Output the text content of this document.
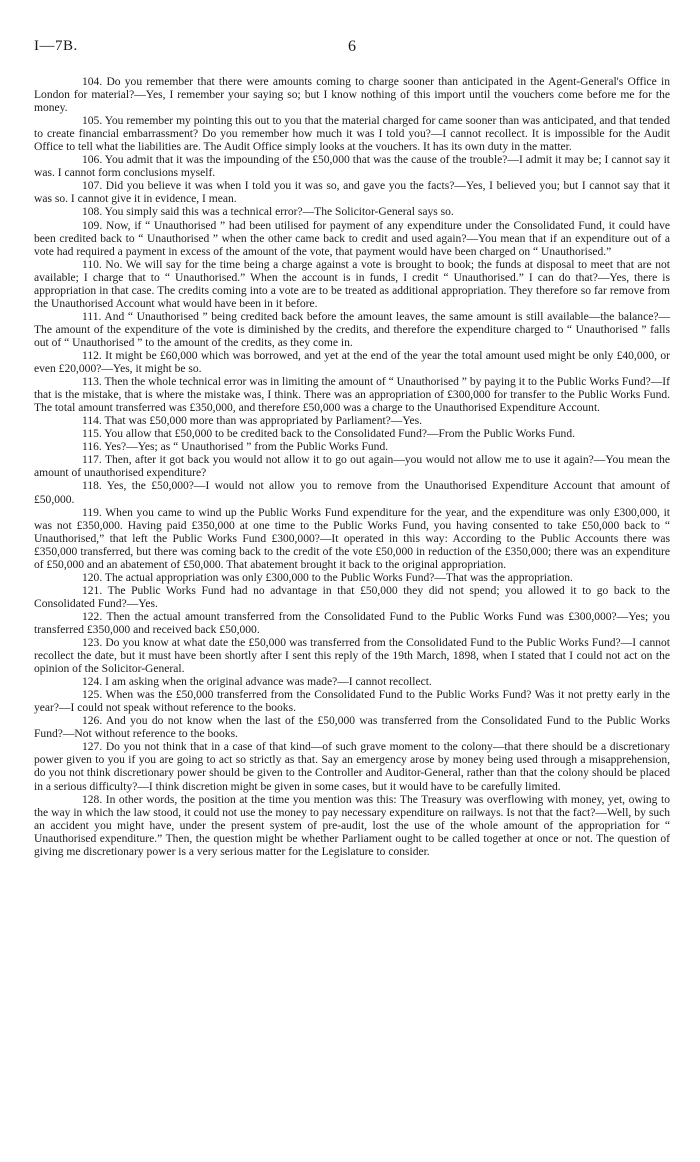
I—7B.	6

104. Do you remember that there were amounts coming to charge sooner than anticipated in the Agent-General's Office in London for material?—Yes, I remember your saying so; but I know nothing of this import until the vouchers come before me for the money.

105. You remember my pointing this out to you that the material charged for came sooner than was anticipated, and that tended to create financial embarrassment? Do you remember how much it was I told you?—I cannot recollect. It is impossible for the Audit Office to tell what the liabilities are. The Audit Office simply looks at the vouchers. It has its own duty in the matter.

106. You admit that it was the impounding of the £50,000 that was the cause of the trouble?—I admit it may be; I cannot say it was. I cannot form conclusions myself.

107. Did you believe it was when I told you it was so, and gave you the facts?—Yes, I believed you; but I cannot say that it was so. I cannot give it in evidence, I mean.

108. You simply said this was a technical error?—The Solicitor-General says so.

109. Now, if “ Unauthorised ” had been utilised for payment of any expenditure under the Consolidated Fund, it could have been credited back to “ Unauthorised ” when the other came back to credit and used again?—You mean that if an expenditure out of a vote had required a payment in excess of the amount of the vote, that payment would have been charged on “ Unauthorised.”

110. No. We will say for the time being a charge against a vote is brought to book; the funds at disposal to meet that are not available; I charge that to “ Unauthorised.” When the account is in funds, I credit “ Unauthorised.” I can do that?—Yes, there is appropriation in that case. The credits coming into a vote are to be treated as additional appropriation. They therefore so far remove from the Unauthorised Account what would have been in it before.

111. And “ Unauthorised ” being credited back before the amount leaves, the same amount is still available—the balance?—The amount of the expenditure of the vote is diminished by the credits, and therefore the expenditure charged to “ Unauthorised ” falls out of “ Unauthorised ” to the amount of the credits, as they come in.

112. It might be £60,000 which was borrowed, and yet at the end of the year the total amount used might be only £40,000, or even £20,000?—Yes, it might be so.

113. Then the whole technical error was in limiting the amount of “ Unauthorised ” by paying it to the Public Works Fund?—If that is the mistake, that is where the mistake was, I think. There was an appropriation of £300,000 for transfer to the Public Works Fund. The total amount transferred was £350,000, and therefore £50,000 was a charge to the Unauthorised Expenditure Account.

114. That was £50,000 more than was appropriated by Parliament?—Yes.

115. You allow that £50,000 to be credited back to the Consolidated Fund?—From the Public Works Fund.

116. Yes?—Yes; as “ Unauthorised ” from the Public Works Fund.

117. Then, after it got back you would not allow it to go out again—you would not allow me to use it again?—You mean the amount of unauthorised expenditure?

118. Yes, the £50,000?—I would not allow you to remove from the Unauthorised Expenditure Account that amount of £50,000.

119. When you came to wind up the Public Works Fund expenditure for the year, and the expenditure was only £300,000, it was not £350,000. Having paid £350,000 at one time to the Public Works Fund, you having consented to take £50,000 back to “ Unauthorised,” that left the Public Works Fund £300,000?—It operated in this way: According to the Public Accounts there was £350,000 transferred, but there was coming back to the credit of the vote £50,000 in reduction of the £350,000; there was an expenditure of £50,000 and an abatement of £50,000. That abatement brought it back to the original appropriation.

120. The actual appropriation was only £300,000 to the Public Works Fund?—That was the appropriation.

121. The Public Works Fund had no advantage in that £50,000 they did not spend; you allowed it to go back to the Consolidated Fund?—Yes.

122. Then the actual amount transferred from the Consolidated Fund to the Public Works Fund was £300,000?—Yes; you transferred £350,000 and received back £50,000.

123. Do you know at what date the £50,000 was transferred from the Consolidated Fund to the Public Works Fund?—I cannot recollect the date, but it must have been shortly after I sent this reply of the 19th March, 1898, when I stated that I could not act on the opinion of the Solicitor-General.

124. I am asking when the original advance was made?—I cannot recollect.

125. When was the £50,000 transferred from the Consolidated Fund to the Public Works Fund? Was it not pretty early in the year?—I could not speak without reference to the books.

126. And you do not know when the last of the £50,000 was transferred from the Consolidated Fund to the Public Works Fund?—Not without reference to the books.

127. Do you not think that in a case of that kind—of such grave moment to the colony—that there should be a discretionary power given to you if you are going to act so strictly as that. Say an emergency arose by money being used through a misapprehension, do you not think discretionary power should be given to the Controller and Auditor-General, rather than that the colony should be placed in a serious difficulty?—I think discretion might be given in some cases, but it would have to be carefully limited.

128. In other words, the position at the time you mention was this: The Treasury was overflowing with money, yet, owing to the way in which the law stood, it could not use the money to pay necessary expenditure on railways. Is not that the fact?—Well, by such an accident you might have, under the present system of pre-audit, lost the use of the whole amount of the appropriation for “ Unauthorised expenditure.” Then, the question might be whether Parliament ought to be called together at once or not. The question of giving me discretionary power is a very serious matter for the Legislature to consider.
